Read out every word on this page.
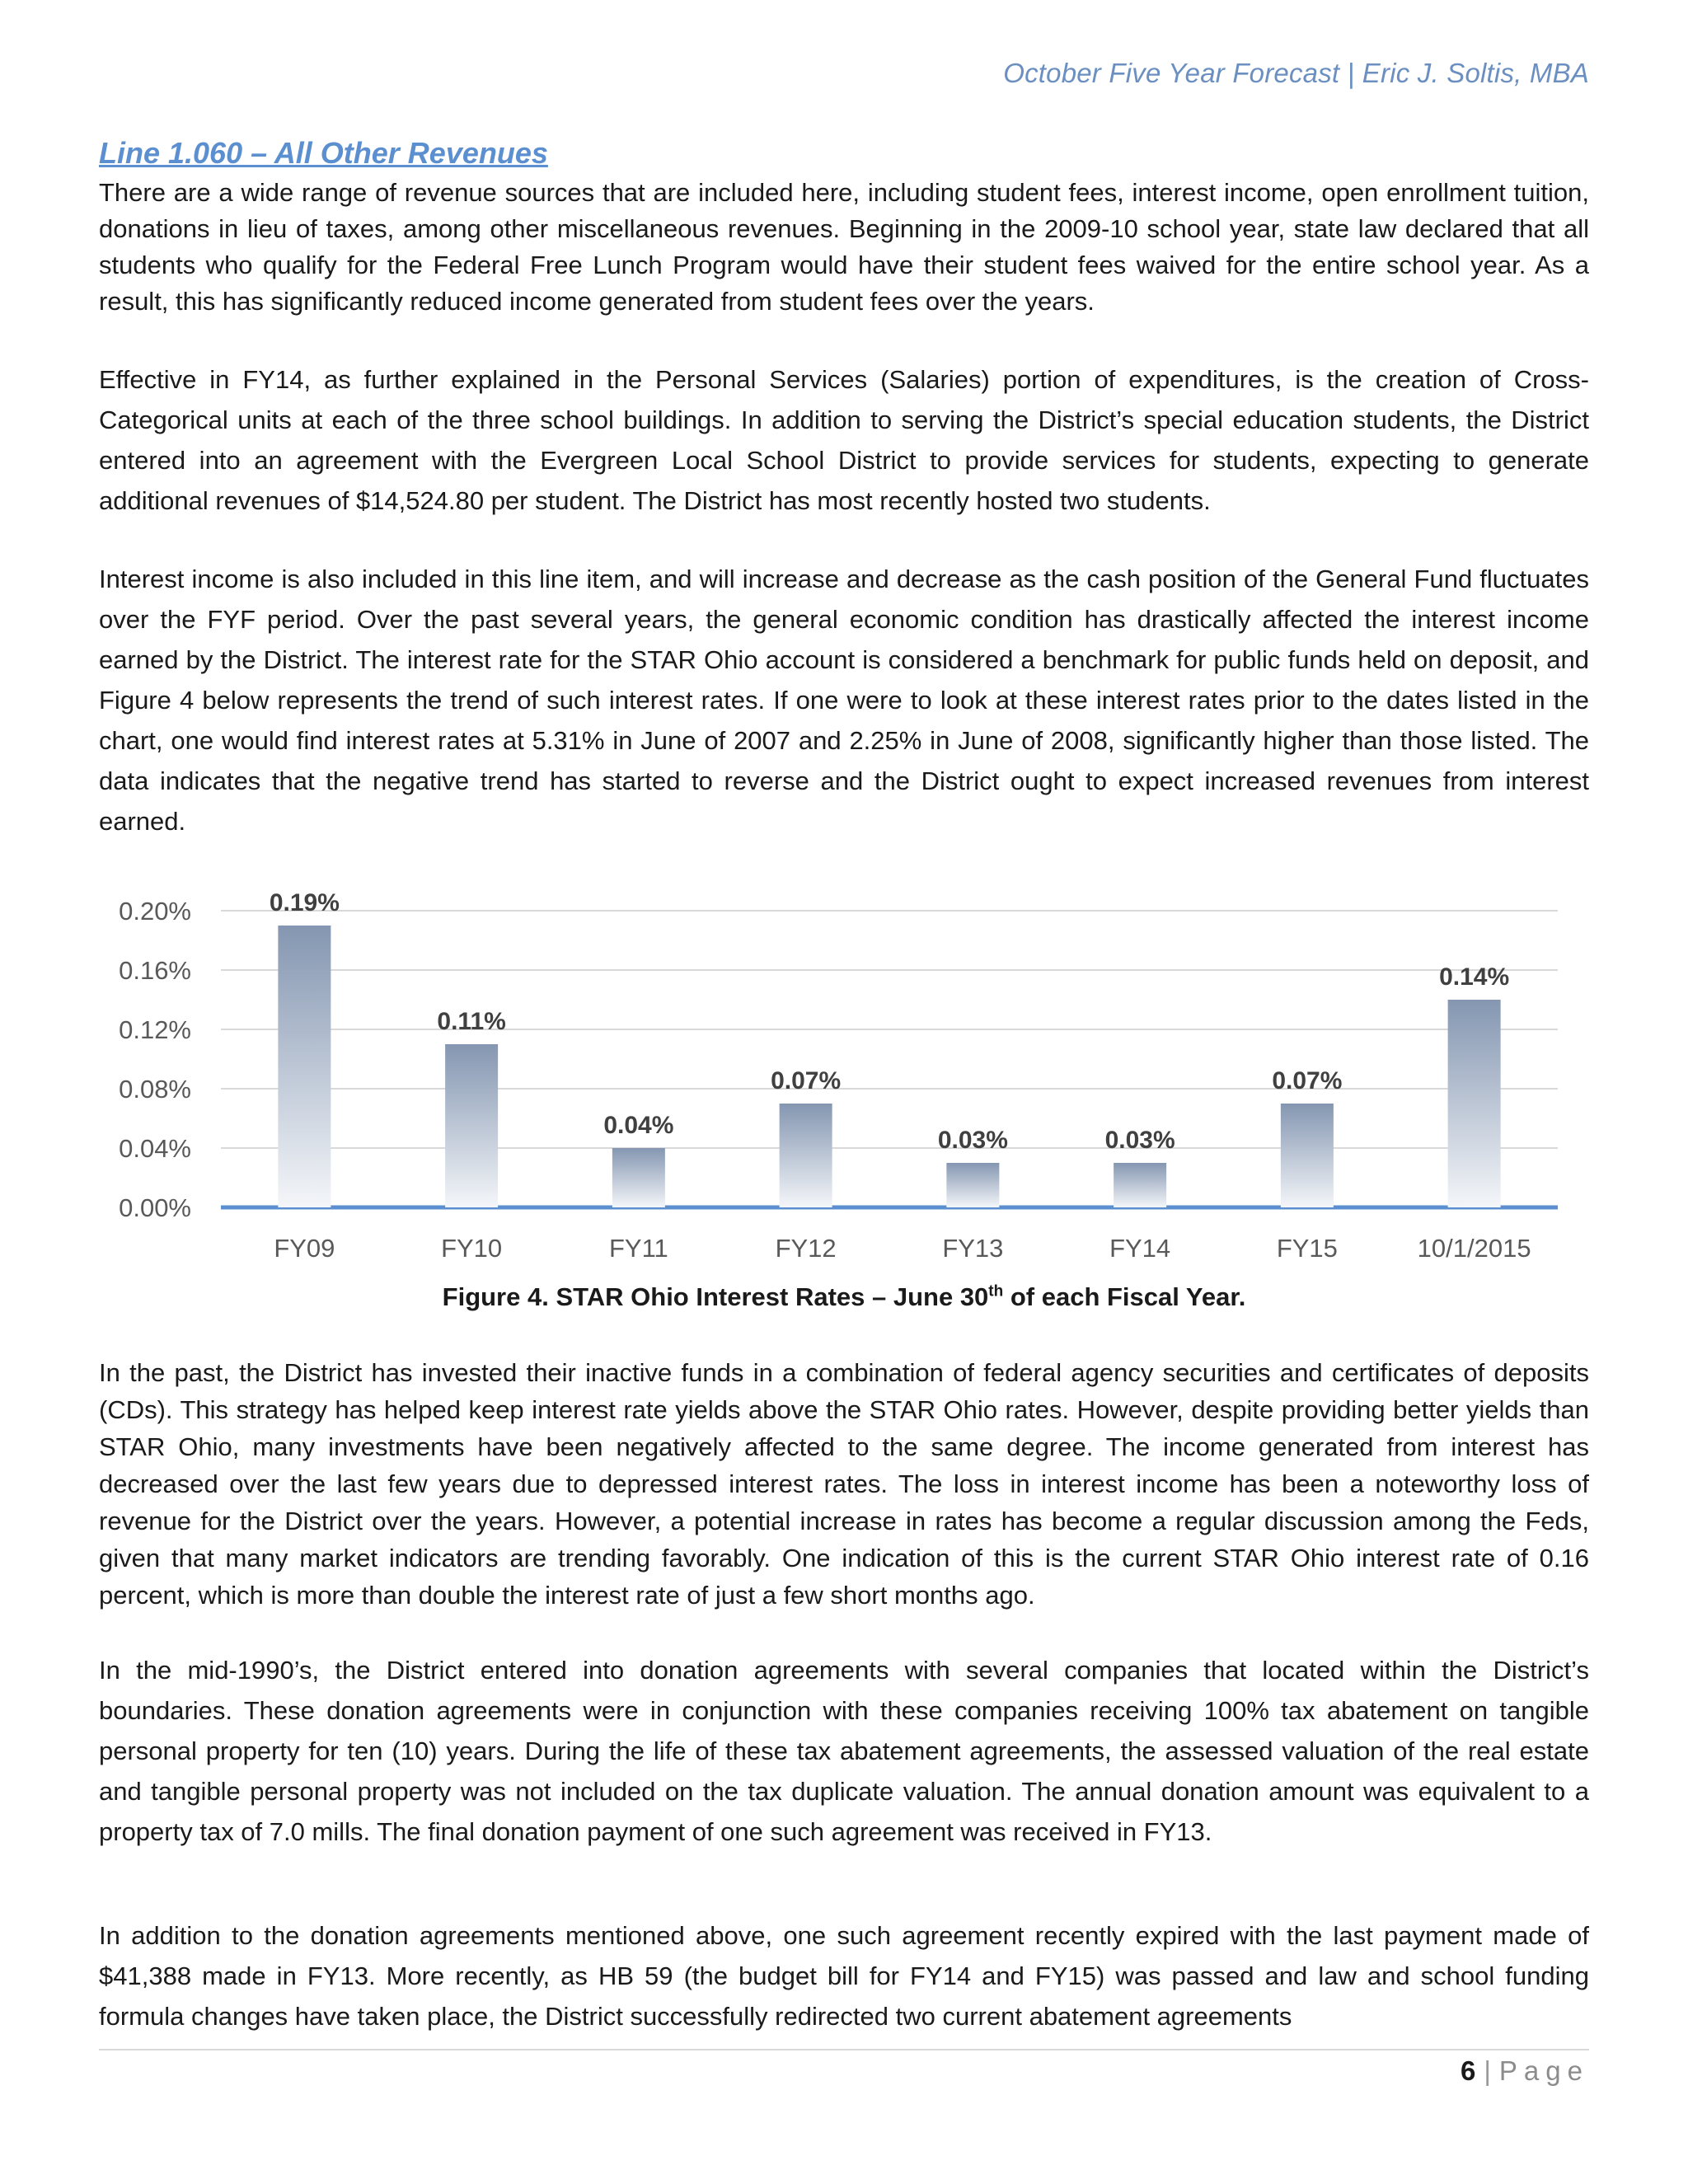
October Five Year Forecast | Eric J. Soltis, MBA
Line 1.060 – All Other Revenues

There are a wide range of revenue sources that are included here, including student fees, interest income, open enrollment tuition, donations in lieu of taxes, among other miscellaneous revenues. Beginning in the 2009-10 school year, state law declared that all students who qualify for the Federal Free Lunch Program would have their student fees waived for the entire school year. As a result, this has significantly reduced income generated from student fees over the years.

Effective in FY14, as further explained in the Personal Services (Salaries) portion of expenditures, is the creation of Cross-Categorical units at each of the three school buildings. In addition to serving the District’s special education students, the District entered into an agreement with the Evergreen Local School District to provide services for students, expecting to generate additional revenues of $14,524.80 per student. The District has most recently hosted two students.

Interest income is also included in this line item, and will increase and decrease as the cash position of the General Fund fluctuates over the FYF period. Over the past several years, the general economic condition has drastically affected the interest income earned by the District. The interest rate for the STAR Ohio account is considered a benchmark for public funds held on deposit, and Figure 4 below represents the trend of such interest rates. If one were to look at these interest rates prior to the dates listed in the chart, one would find interest rates at 5.31% in June of 2007 and 2.25% in June of 2008, significantly higher than those listed. The data indicates that the negative trend has started to reverse and the District ought to expect increased revenues from interest earned.

0.00%
0.04%
0.08%
0.12%
0.16%
0.20%	0.19%
0.11%
0.04%
0.07%
0.03%	0.03%
0.07%
0.14%
FY09	FY10	FY11	FY12	FY13	FY14	FY15	10/1/2015
Figure 4. STAR Ohio Interest Rates – June 30th of each Fiscal Year.

In the past, the District has invested their inactive funds in a combination of federal agency securities and certificates of deposits (CDs). This strategy has helped keep interest rate yields above the STAR Ohio rates. However, despite providing better yields than STAR Ohio, many investments have been negatively affected to the same degree. The income generated from interest has decreased over the last few years due to depressed interest rates. The loss in interest income has been a noteworthy loss of revenue for the District over the years. However, a potential increase in rates has become a regular discussion among the Feds, given that many market indicators are trending favorably. One indication of this is the current STAR Ohio interest rate of 0.16 percent, which is more than double the interest rate of just a few short months ago.

In the mid-1990’s, the District entered into donation agreements with several companies that located within the District’s boundaries. These donation agreements were in conjunction with these companies receiving 100% tax abatement on tangible personal property for ten (10) years. During the life of these tax abatement agreements, the assessed valuation of the real estate and tangible personal property was not included on the tax duplicate valuation. The annual donation amount was equivalent to a property tax of 7.0 mills. The final donation payment of one such agreement was received in FY13.

In addition to the donation agreements mentioned above, one such agreement recently expired with the last payment made of $41,388 made in FY13. More recently, as HB 59 (the budget bill for FY14 and FY15) was passed and law and school funding formula changes have taken place, the District successfully redirected two current abatement agreements

6 | Page
